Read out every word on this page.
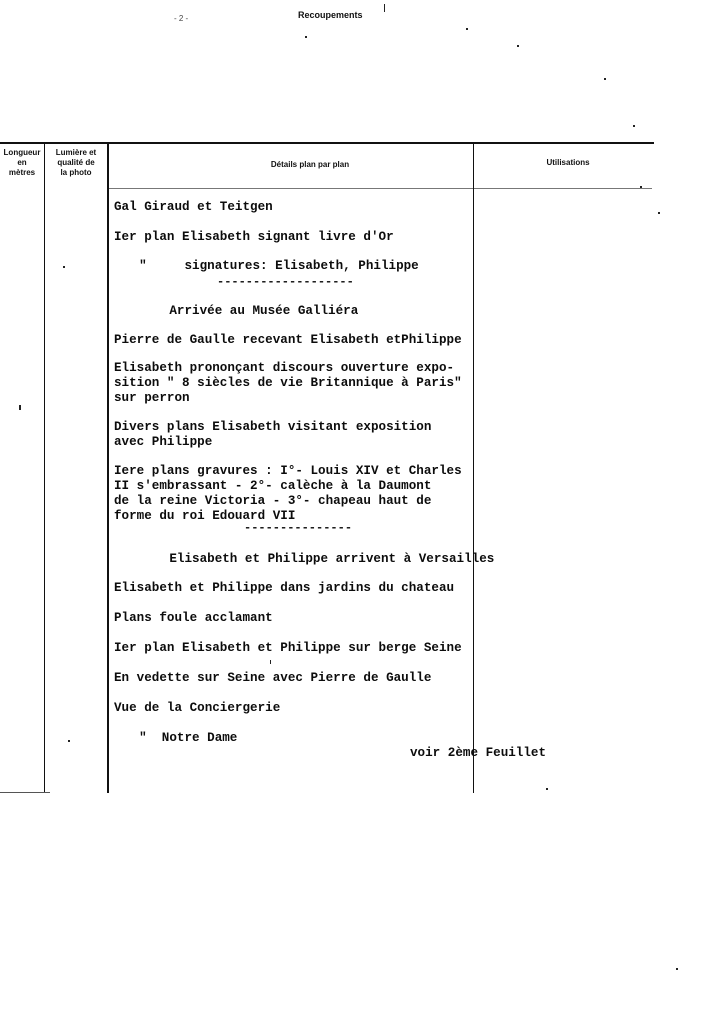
- 2 -	Recoupements
Longueur
en
mètres
Lumière et
qualité de
la photo
Détails plan par plan	Utilisations
Gal Giraud et Teitgen
Ier plan Elisabeth signant livre d'Or
"     signatures: Elisabeth, Philippe
-------------------
Arrivée au Musée Galliéra
Pierre de Gaulle recevant Elisabeth etPhilippe
Elisabeth prononçant discours ouverture expo-
sition " 8 siècles de vie Britannique à Paris"
sur perron
Divers plans Elisabeth visitant exposition
avec Philippe
Iere plans gravures : I°- Louis XIV et Charles
II s'embrassant - 2°- calèche à la Daumont
de la reine Victoria - 3°- chapeau haut de
forme du roi Edouard VII
---------------
Elisabeth et Philippe arrivent à Versailles
Elisabeth et Philippe dans jardins du chateau
Plans foule acclamant
Ier plan Elisabeth et Philippe sur berge Seine
En vedette sur Seine avec Pierre de Gaulle
Vue de la Conciergerie
"  Notre Dame
voir 2ème Feuillet
